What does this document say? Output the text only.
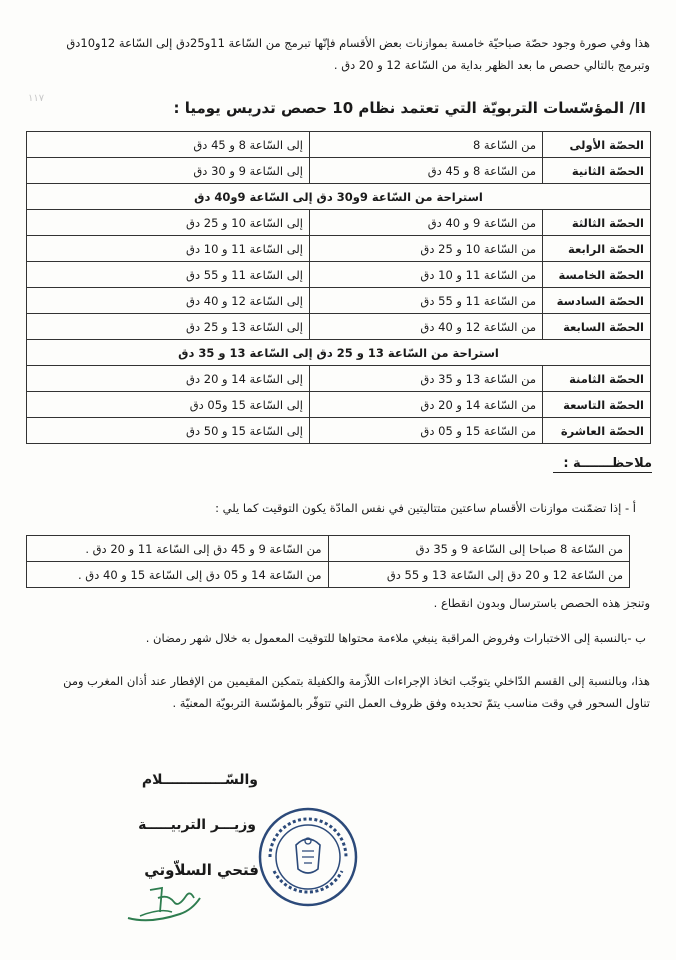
هذا وفي صورة وجود حصّة صباحيّة خامسة بموازنات بعض الأقسام فإنّها تبرمج من السّاعة 11و25دق إلى السّاعة 12و10دق
وتبرمج بالتالي حصص ما بعد الظهر بداية من السّاعة 12 و 20 دق .
١١٧
II/ المؤسّسات التربويّة التي تعتمد نظام 10 حصص تدريس يوميا :
الحصّة الأولى	من السّاعة 8	إلى السّاعة 8 و 45 دق
الحصّة الثانية	من السّاعة 8 و 45 دق	إلى السّاعة 9 و 30 دق
استراحة من السّاعة 9و30 دق إلى السّاعة 9و40 دق		
الحصّة الثالثة	من السّاعة 9 و 40 دق	إلى السّاعة 10 و 25 دق
الحصّة الرابعة	من السّاعة 10 و 25 دق	إلى السّاعة 11 و 10 دق
الحصّة الخامسة	من السّاعة 11 و 10 دق	إلى السّاعة 11 و 55 دق
الحصّة السادسة	من السّاعة 11 و 55 دق	إلى السّاعة 12 و 40 دق
الحصّة السابعة	من السّاعة 12 و 40 دق	إلى السّاعة 13 و 25 دق
استراحة من السّاعة 13 و 25 دق إلى السّاعة 13 و 35 دق		
الحصّة الثامنة	من السّاعة 13 و 35 دق	إلى السّاعة 14 و 20 دق
الحصّة التاسعة	من السّاعة 14 و 20 دق	إلى السّاعة 15 و05 دق
الحصّة العاشرة	من السّاعة 15 و 05 دق	إلى السّاعة 15 و 50 دق
ملاحظـــــــة :
أ - إذا تضمّنت موازنات الأقسام ساعتين متتاليتين في نفس المادّة يكون التوقيت كما يلي :
من السّاعة 8 صباحا إلى السّاعة 9 و 35 دق	من السّاعة 9 و 45 دق إلى السّاعة 11 و 20 دق .
من السّاعة 12 و 20 دق إلى السّاعة 13 و 55 دق	من السّاعة 14 و 05 دق إلى السّاعة 15 و 40 دق .
وتنجز هذه الحصص باسترسال وبدون انقطاع .
ب -بالنسبة إلى الاختبارات وفروض المراقبة ينبغي ملاءمة محتواها للتوقيت المعمول به خلال شهر رمضان .
هذا، وبالنسبة إلى القسم الدّاخلي يتوجّب اتخاذ الإجراءات اللاّزمة والكفيلة بتمكين المقيمين من الإفطار عند أذان المغرب ومن
تناول السحور في وقت مناسب يتمّ تحديده وفق ظروف العمل التي تتوفّر بالمؤسّسة التربويّة المعنيّة .
والسّـــــــــــــلام
وزيـــر التربيـــــة
فتحي السلاّوتي
